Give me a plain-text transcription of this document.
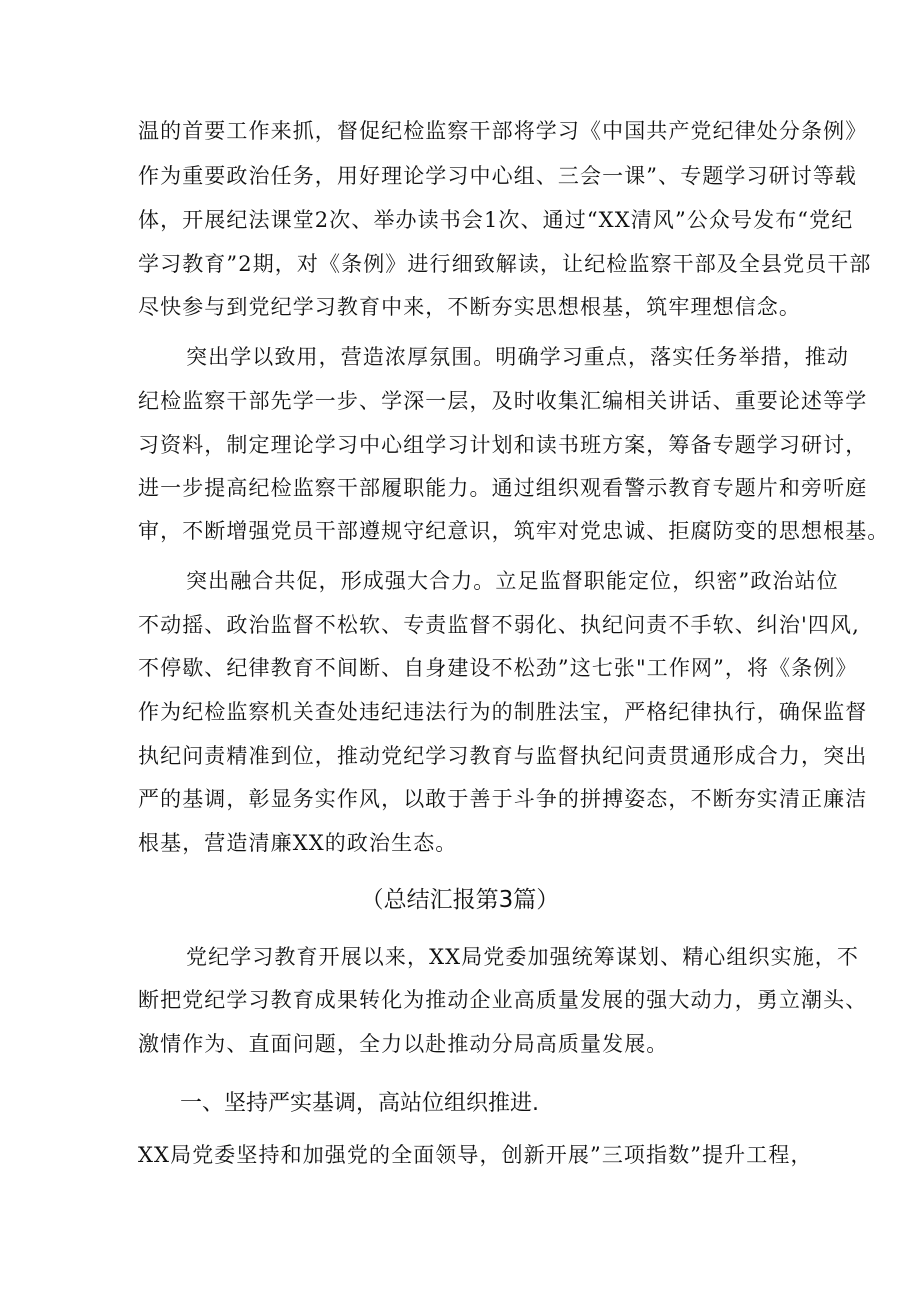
温的首要工作来抓，督促纪检监察干部将学习《中国共产党纪律处分条例》
作为重要政治任务，用好理论学习中心组、三会一课”、专题学习研讨等载
体，开展纪法课堂2次、举办读书会1次、通过“XX清风”公众号发布“党纪
学习教育”2期，对《条例》进行细致解读，让纪检监察干部及全县党员干部
尽快参与到党纪学习教育中来，不断夯实思想根基，筑牢理想信念。
突出学以致用，营造浓厚氛围。明确学习重点，落实任务举措，推动
纪检监察干部先学一步、学深一层，及时收集汇编相关讲话、重要论述等学
习资料，制定理论学习中心组学习计划和读书班方案，筹备专题学习研讨，
进一步提高纪检监察干部履职能力。通过组织观看警示教育专题片和旁听庭
审，不断增强党员干部遵规守纪意识，筑牢对党忠诚、拒腐防变的思想根基。
突出融合共促，形成强大合力。立足监督职能定位，织密”政治站位
不动摇、政治监督不松软、专责监督不弱化、执纪问责不手软、纠治'四风,
不停歇、纪律教育不间断、自身建设不松劲”这七张"工作网”，将《条例》
作为纪检监察机关查处违纪违法行为的制胜法宝，严格纪律执行，确保监督
执纪问责精准到位，推动党纪学习教育与监督执纪问责贯通形成合力，突出
严的基调，彰显务实作风，以敢于善于斗争的拼搏姿态，不断夯实清正廉洁
根基，营造清廉XX的政治生态。
（总结汇报第3篇）
党纪学习教育开展以来，XX局党委加强统筹谋划、精心组织实施，不
断把党纪学习教育成果转化为推动企业高质量发展的强大动力，勇立潮头、
激情作为、直面问题，全力以赴推动分局高质量发展。
一、坚持严实基调，高站位组织推进.
XX局党委坚持和加强党的全面领导，创新开展”三项指数”提升工程，
